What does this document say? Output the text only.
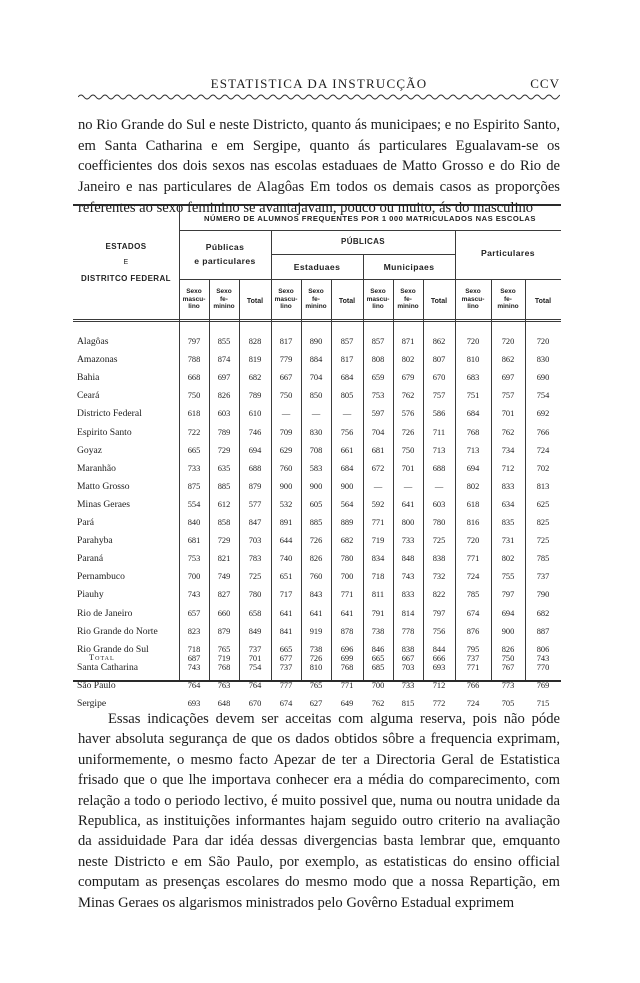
ESTATISTICA DA INSTRUCÇÃO	CCV

no Rio Grande do Sul e neste Districto, quanto ás municipaes; e no Espirito Santo, em Santa Catharina e em Sergipe, quanto ás particulares Egualavam-se os coefficientes dos dois sexos nas escolas estaduaes de Matto Grosso e do Rio de Janeiro e nas particulares de Alagôas Em todos os demais casos as proporções referentes ao sexo feminino se avantajavam, pouco ou muito, ás do masculino

NÚMERO DE ALUMNOS FREQUENTES POR 1 000 MATRICULADOS NAS ESCOLAS
ESTADOS
E
DISTRITCO FEDERAL
Públicas
e particulares
PÚBLICAS
Estaduaes	Municipaes
Particulares
Sexo
mascu-
lino
Sexo
fe-
minino
Total
Sexo
mascu-
lino
Sexo
fe-
minino
Total
Sexo
mascu-
lino
Sexo
fe-
minino
Total
Sexo
mascu-
lino
Sexo
fe-
minino
Total
Alagôas	797	855	828	817	890	857	857	871	862	720	720	720
Amazonas	788	874	819	779	884	817	808	802	807	810	862	830
Bahia	668	697	682	667	704	684	659	679	670	683	697	690
Ceará	750	826	789	750	850	805	753	762	757	751	757	754
Districto Federal	618	603	610	—	—	—	597	576	586	684	701	692
Espirito Santo	722	789	746	709	830	756	704	726	711	768	762	766
Goyaz	665	729	694	629	708	661	681	750	713	713	734	724
Maranhão	733	635	688	760	583	684	672	701	688	694	712	702
Matto Grosso	875	885	879	900	900	900	—	—	—	802	833	813
Minas Geraes	554	612	577	532	605	564	592	641	603	618	634	625
Pará	840	858	847	891	885	889	771	800	780	816	835	825
Parahyba	681	729	703	644	726	682	719	733	725	720	731	725
Paraná	753	821	783	740	826	780	834	848	838	771	802	785
Pernambuco	700	749	725	651	760	700	718	743	732	724	755	737
Piauhy	743	827	780	717	843	771	811	833	822	785	797	790
Rio de Janeiro	657	660	658	641	641	641	791	814	797	674	694	682
Rio Grande do Norte	823	879	849	841	919	878	738	778	756	876	900	887
Rio Grande do Sul	718	765	737	665	738	696	846	838	844	795	826	806
Santa Catharina	743	768	754	737	810	768	685	703	693	771	767	770
São Paulo	764	763	764	777	765	771	700	733	712	766	773	769
Sergipe	693	648	670	674	627	649	762	815	772	724	705	715
Total	687	719	701	677	726	699	665	667	666	737	750	743

Essas indicações devem ser acceitas com alguma reserva, pois não póde haver absoluta segurança de que os dados obtidos sôbre a frequencia exprimam, uniformemente, o mesmo facto Apezar de ter a Directoria Geral de Estatistica frisado que o que lhe importava conhecer era a média do comparecimento, com relação a todo o periodo lectivo, é muito possivel que, numa ou noutra unidade da Republica, as instituições informantes hajam seguido outro criterio na avaliação da assiduidade Para dar idéa dessas divergencias basta lembrar que, emquanto neste Districto e em São Paulo, por exemplo, as estatisticas do ensino official computam as presenças escolares do mesmo modo que a nossa Repartição, em Minas Geraes os algarismos ministrados pelo Govêrno Estadual exprimem
